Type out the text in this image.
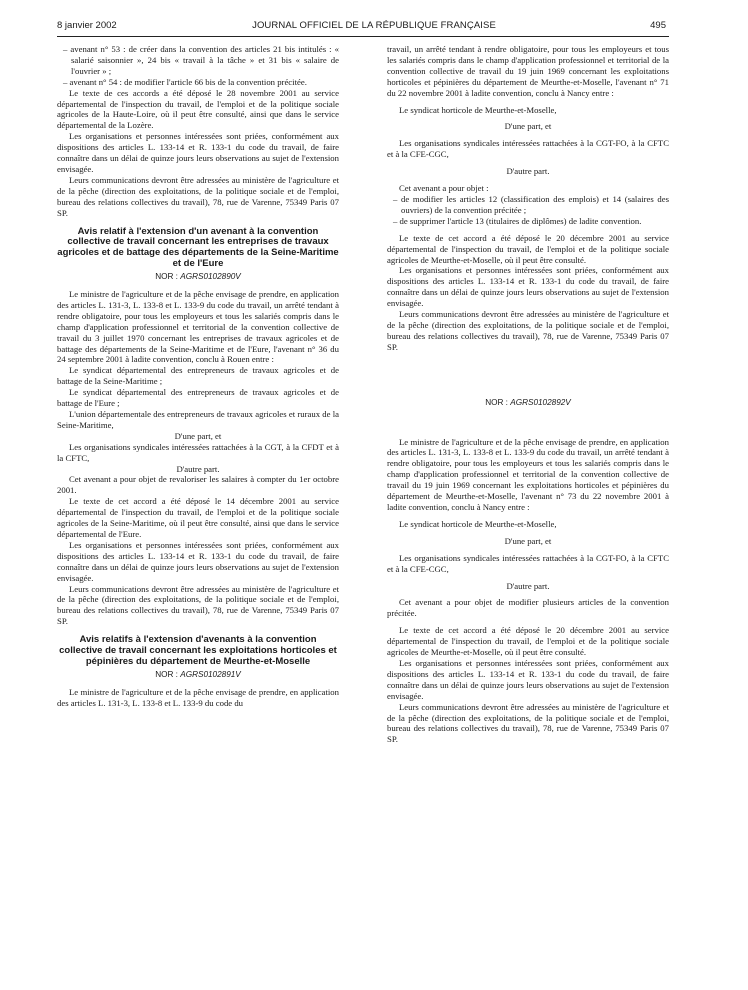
8 janvier 2002	JOURNAL OFFICIEL DE LA RÉPUBLIQUE FRANÇAISE	495

– avenant n° 53 : de créer dans la convention des articles 21 bis intitulés : « salarié saisonnier », 24 bis « travail à la tâche » et 31 bis « salaire de l'ouvrier » ;

– avenant n° 54 : de modifier l'article 66 bis de la convention précitée.

Le texte de ces accords a été déposé le 28 novembre 2001 au service départemental de l'inspection du travail, de l'emploi et de la politique sociale agricoles de la Haute-Loire, où il peut être consulté, ainsi que dans le service départemental de la Lozère.

Les organisations et personnes intéressées sont priées, conformément aux dispositions des articles L. 133-14 et R. 133-1 du code du travail, de faire connaître dans un délai de quinze jours leurs observations au sujet de l'extension envisagée.

Leurs communications devront être adressées au ministère de l'agriculture et de la pêche (direction des exploitations, de la politique sociale et de l'emploi, bureau des relations collectives du travail), 78, rue de Varenne, 75349 Paris 07 SP.

Avis relatif à l'extension d'un avenant à la convention collective de travail concernant les entreprises de travaux agricoles et de battage des départements de la Seine-Maritime et de l'Eure
NOR : AGRS0102890V

Le ministre de l'agriculture et de la pêche envisage de prendre, en application des articles L. 131-3, L. 133-8 et L. 133-9 du code du travail, un arrêté tendant à rendre obligatoire, pour tous les employeurs et tous les salariés compris dans le champ d'application professionnel et territorial de la convention collective de travail du 3 juillet 1970 concernant les entreprises de travaux agricoles et de battage des départements de la Seine-Maritime et de l'Eure, l'avenant n° 36 du 24 septembre 2001 à ladite convention, conclu à Rouen entre :

Le syndicat départemental des entrepreneurs de travaux agricoles et de battage de la Seine-Maritime ;

Le syndicat départemental des entrepreneurs de travaux agricoles et de battage de l'Eure ;

L'union départementale des entrepreneurs de travaux agricoles et ruraux de la Seine-Maritime,

D'une part, et

Les organisations syndicales intéressées rattachées à la CGT, à la CFDT et à la CFTC,

D'autre part.

Cet avenant a pour objet de revaloriser les salaires à compter du 1er octobre 2001.

Le texte de cet accord a été déposé le 14 décembre 2001 au service départemental de l'inspection du travail, de l'emploi et de la politique sociale agricoles de la Seine-Maritime, où il peut être consulté, ainsi que dans le service départemental de l'Eure.

Les organisations et personnes intéressées sont priées, conformément aux dispositions des articles L. 133-14 et R. 133-1 du code du travail, de faire connaître dans un délai de quinze jours leurs observations au sujet de l'extension envisagée.

Leurs communications devront être adressées au ministère de l'agriculture et de la pêche (direction des exploitations, de la politique sociale et de l'emploi, bureau des relations collectives du travail), 78, rue de Varenne, 75349 Paris 07 SP.

Avis relatifs à l'extension d'avenants à la convention collective de travail concernant les exploitations horticoles et pépinières du département de Meurthe-et-Moselle
NOR : AGRS0102891V

Le ministre de l'agriculture et de la pêche envisage de prendre, en application des articles L. 131-3, L. 133-8 et L. 133-9 du code du

travail, un arrêté tendant à rendre obligatoire, pour tous les employeurs et tous les salariés compris dans le champ d'application professionnel et territorial de la convention collective de travail du 19 juin 1969 concernant les exploitations horticoles et pépinières du département de Meurthe-et-Moselle, l'avenant n° 71 du 22 novembre 2001 à ladite convention, conclu à Nancy entre :

Le syndicat horticole de Meurthe-et-Moselle,

D'une part, et

Les organisations syndicales intéressées rattachées à la CGT-FO, à la CFTC et à la CFE-CGC,

D'autre part.

Cet avenant a pour objet :

– de modifier les articles 12 (classification des emplois) et 14 (salaires des ouvriers) de la convention précitée ;

– de supprimer l'article 13 (titulaires de diplômes) de ladite convention.

Le texte de cet accord a été déposé le 20 décembre 2001 au service départemental de l'inspection du travail, de l'emploi et de la politique sociale agricoles de Meurthe-et-Moselle, où il peut être consulté.

Les organisations et personnes intéressées sont priées, conformément aux dispositions des articles L. 133-14 et R. 133-1 du code du travail, de faire connaître dans un délai de quinze jours leurs observations au sujet de l'extension envisagée.

Leurs communications devront être adressées au ministère de l'agriculture et de la pêche (direction des exploitations, de la politique sociale et de l'emploi, bureau des relations collectives du travail), 78, rue de Varenne, 75349 Paris 07 SP.

NOR : AGRS0102892V

Le ministre de l'agriculture et de la pêche envisage de prendre, en application des articles L. 131-3, L. 133-8 et L. 133-9 du code du travail, un arrêté tendant à rendre obligatoire, pour tous les employeurs et tous les salariés compris dans le champ d'application professionnel et territorial de la convention collective de travail du 19 juin 1969 concernant les exploitations horticoles et pépinières du département de Meurthe-et-Moselle, l'avenant n° 73 du 22 novembre 2001 à ladite convention, conclu à Nancy entre :

Le syndicat horticole de Meurthe-et-Moselle,

D'une part, et

Les organisations syndicales intéressées rattachées à la CGT-FO, à la CFTC et à la CFE-CGC,

D'autre part.

Cet avenant a pour objet de modifier plusieurs articles de la convention précitée.

Le texte de cet accord a été déposé le 20 décembre 2001 au service départemental de l'inspection du travail, de l'emploi et de la politique sociale agricoles de Meurthe-et-Moselle, où il peut être consulté.

Les organisations et personnes intéressées sont priées, conformément aux dispositions des articles L. 133-14 et R. 133-1 du code du travail, de faire connaître dans un délai de quinze jours leurs observations au sujet de l'extension envisagée.

Leurs communications devront être adressées au ministère de l'agriculture et de la pêche (direction des exploitations, de la politique sociale et de l'emploi, bureau des relations collectives du travail), 78, rue de Varenne, 75349 Paris 07 SP.
